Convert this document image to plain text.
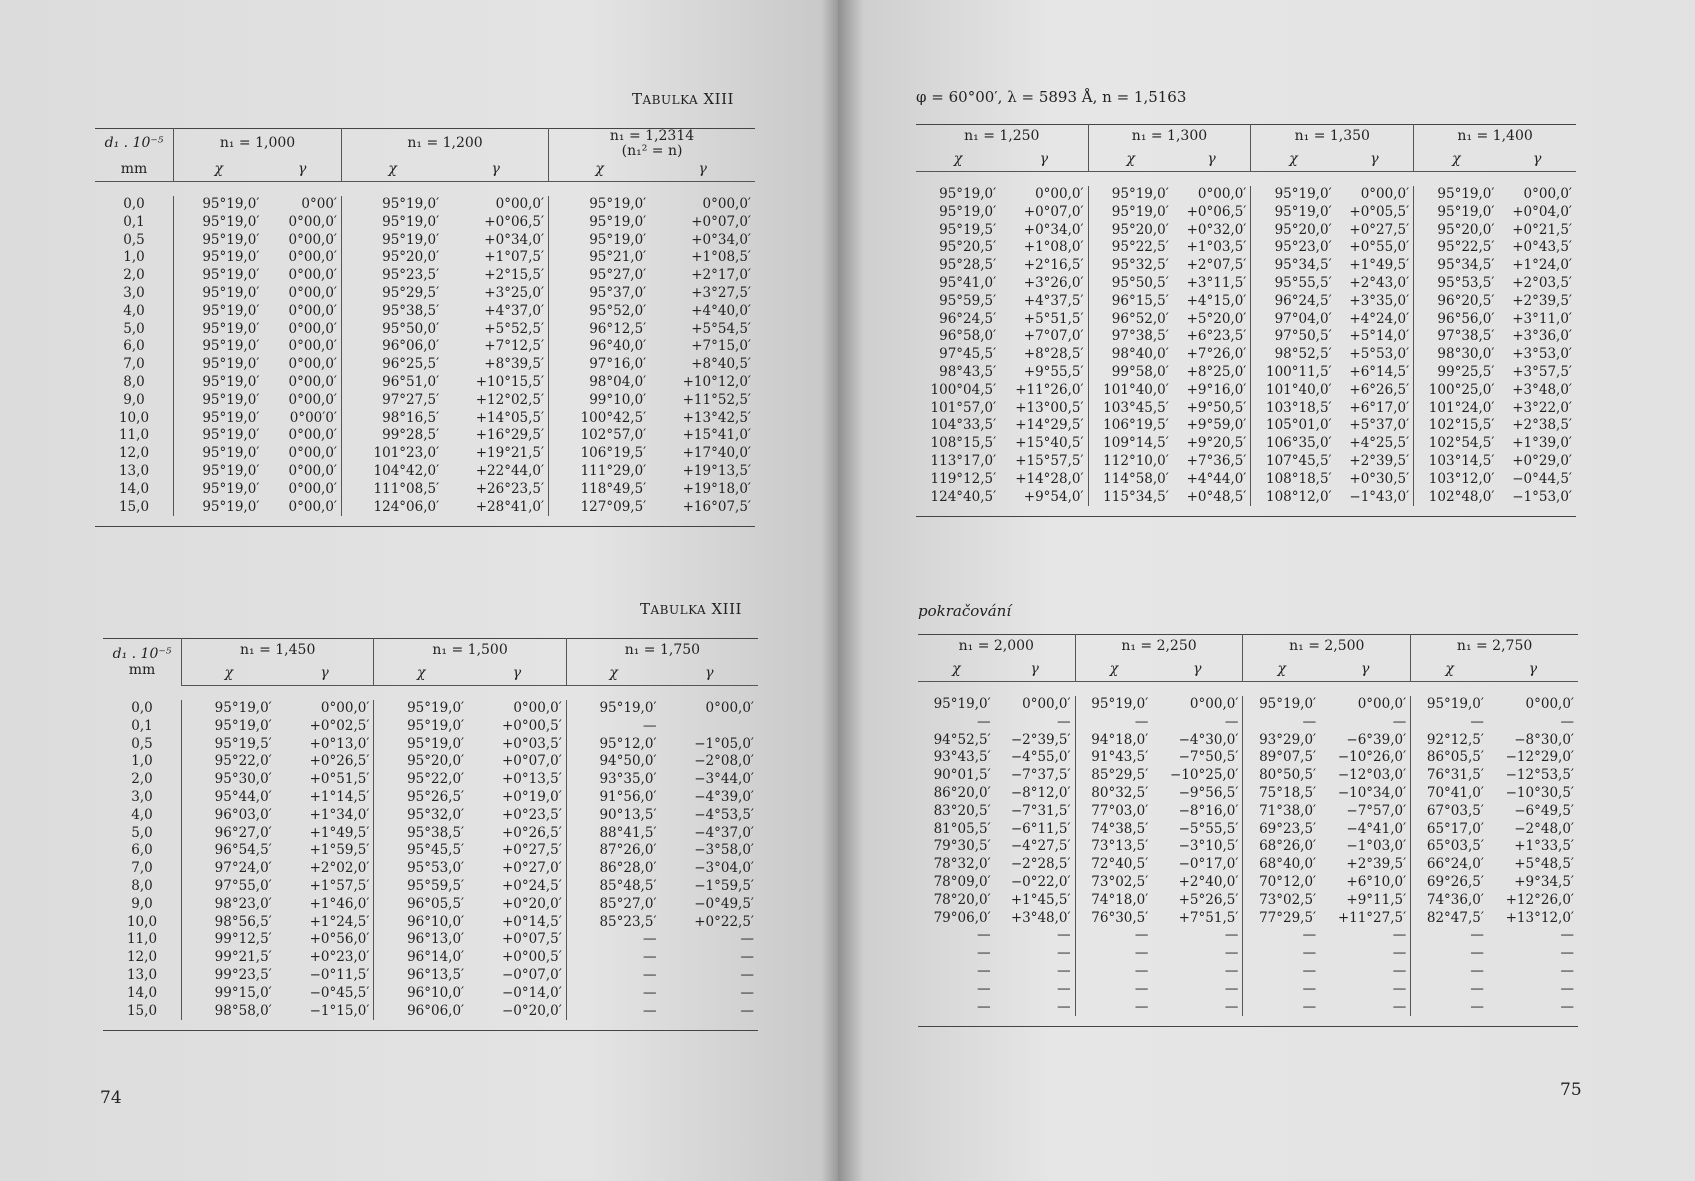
TABULKA XIII
d₁ . 10⁻⁵	n₁ = 1,000		n₁ = 1,200		n₁ = 1,2314
(n₁² = n)	
mm	χ	γ	χ	γ	χ	γ

0,0	95°19,0′	0°00′	95°19,0′	0°00,0′	95°19,0′	0°00,0′
0,1	95°19,0′	0°00,0′	95°19,0′	+0°06,5′	95°19,0′	+0°07,0′
0,5	95°19,0′	0°00,0′	95°19,0′	+0°34,0′	95°19,0′	+0°34,0′
1,0	95°19,0′	0°00,0′	95°20,0′	+1°07,5′	95°21,0′	+1°08,5′
2,0	95°19,0′	0°00,0′	95°23,5′	+2°15,5′	95°27,0′	+2°17,0′
3,0	95°19,0′	0°00,0′	95°29,5′	+3°25,0′	95°37,0′	+3°27,5′
4,0	95°19,0′	0°00,0′	95°38,5′	+4°37,0′	95°52,0′	+4°40,0′
5,0	95°19,0′	0°00,0′	95°50,0′	+5°52,5′	96°12,5′	+5°54,5′
6,0	95°19,0′	0°00,0′	96°06,0′	+7°12,5′	96°40,0′	+7°15,0′
7,0	95°19,0′	0°00,0′	96°25,5′	+8°39,5′	97°16,0′	+8°40,5′
8,0	95°19,0′	0°00,0′	96°51,0′	+10°15,5′	98°04,0′	+10°12,0′
9,0	95°19,0′	0°00,0′	97°27,5′	+12°02,5′	99°10,0′	+11°52,5′
10,0	95°19,0′	0°00′0′	98°16,5′	+14°05,5′	100°42,5′	+13°42,5′
11,0	95°19,0′	0°00,0′	99°28,5′	+16°29,5′	102°57,0′	+15°41,0′
12,0	95°19,0′	0°00,0′	101°23,0′	+19°21,5′	106°19,5′	+17°40,0′
13,0	95°19,0′	0°00,0′	104°42,0′	+22°44,0′	111°29,0′	+19°13,5′
14,0	95°19,0′	0°00,0′	111°08,5′	+26°23,5′	118°49,5′	+19°18,0′
15,0	95°19,0′	0°00,0′	124°06,0′	+28°41,0′	127°09,5′	+16°07,5′

TABULKA XIII
d₁ . 10⁻⁵
mm	n₁ = 1,450		n₁ = 1,500		n₁ = 1,750	
	χ	γ	χ	γ	χ	γ

0,0	95°19,0′	0°00,0′	95°19,0′	0°00,0′	95°19,0′	0°00,0′
0,1	95°19,0′	+0°02,5′	95°19,0′	+0°00,5′	—	
0,5	95°19,5′	+0°13,0′	95°19,0′	+0°03,5′	95°12,0′	−1°05,0′
1,0	95°22,0′	+0°26,5′	95°20,0′	+0°07,0′	94°50,0′	−2°08,0′
2,0	95°30,0′	+0°51,5′	95°22,0′	+0°13,5′	93°35,0′	−3°44,0′
3,0	95°44,0′	+1°14,5′	95°26,5′	+0°19,0′	91°56,0′	−4°39,0′
4,0	96°03,0′	+1°34,0′	95°32,0′	+0°23,5′	90°13,5′	−4°53,5′
5,0	96°27,0′	+1°49,5′	95°38,5′	+0°26,5′	88°41,5′	−4°37,0′
6,0	96°54,5′	+1°59,5′	95°45,5′	+0°27,5′	87°26,0′	−3°58,0′
7,0	97°24,0′	+2°02,0′	95°53,0′	+0°27,0′	86°28,0′	−3°04,0′
8,0	97°55,0′	+1°57,5′	95°59,5′	+0°24,5′	85°48,5′	−1°59,5′
9,0	98°23,0′	+1°46,0′	96°05,5′	+0°20,0′	85°27,0′	−0°49,5′
10,0	98°56,5′	+1°24,5′	96°10,0′	+0°14,5′	85°23,5′	+0°22,5′
11,0	99°12,5′	+0°56,0′	96°13,0′	+0°07,5′	—	—
12,0	99°21,5′	+0°23,0′	96°14,0′	+0°00,5′	—	—
13,0	99°23,5′	−0°11,5′	96°13,5′	−0°07,0′	—	—
14,0	99°15,0′	−0°45,5′	96°10,0′	−0°14,0′	—	—
15,0	98°58,0′	−1°15,0′	96°06,0′	−0°20,0′	—	—

74
φ = 60°00′, λ = 5893 Å, n = 1,5163
n₁ = 1,250		n₁ = 1,300		n₁ = 1,350		n₁ = 1,400	
χ	γ	χ	γ	χ	γ	χ	γ

95°19,0′	0°00,0′	95°19,0′	0°00,0′	95°19,0′	0°00,0′	95°19,0′	0°00,0′
95°19,0′	+0°07,0′	95°19,0′	+0°06,5′	95°19,0′	+0°05,5′	95°19,0′	+0°04,0′
95°19,5′	+0°34,0′	95°20,0′	+0°32,0′	95°20,0′	+0°27,5′	95°20,0′	+0°21,5′
95°20,5′	+1°08,0′	95°22,5′	+1°03,5′	95°23,0′	+0°55,0′	95°22,5′	+0°43,5′
95°28,5′	+2°16,5′	95°32,5′	+2°07,5′	95°34,5′	+1°49,5′	95°34,5′	+1°24,0′
95°41,0′	+3°26,0′	95°50,5′	+3°11,5′	95°55,5′	+2°43,0′	95°53,5′	+2°03,5′
95°59,5′	+4°37,5′	96°15,5′	+4°15,0′	96°24,5′	+3°35,0′	96°20,5′	+2°39,5′
96°24,5′	+5°51,5′	96°52,0′	+5°20,0′	97°04,0′	+4°24,0′	96°56,0′	+3°11,0′
96°58,0′	+7°07,0′	97°38,5′	+6°23,5′	97°50,5′	+5°14,0′	97°38,5′	+3°36,0′
97°45,5′	+8°28,5′	98°40,0′	+7°26,0′	98°52,5′	+5°53,0′	98°30,0′	+3°53,0′
98°43,5′	+9°55,5′	99°58,0′	+8°25,0′	100°11,5′	+6°14,5′	99°25,5′	+3°57,5′
100°04,5′	+11°26,0′	101°40,0′	+9°16,0′	101°40,0′	+6°26,5′	100°25,0′	+3°48,0′
101°57,0′	+13°00,5′	103°45,5′	+9°50,5′	103°18,5′	+6°17,0′	101°24,0′	+3°22,0′
104°33,5′	+14°29,5′	106°19,5′	+9°59,0′	105°01,0′	+5°37,0′	102°15,5′	+2°38,5′
108°15,5′	+15°40,5′	109°14,5′	+9°20,5′	106°35,0′	+4°25,5′	102°54,5′	+1°39,0′
113°17,0′	+15°57,5′	112°10,0′	+7°36,5′	107°45,5′	+2°39,5′	103°14,5′	+0°29,0′
119°12,5′	+14°28,0′	114°58,0′	+4°44,0′	108°18,5′	+0°30,5′	103°12,0′	−0°44,5′
124°40,5′	+9°54,0′	115°34,5′	+0°48,5′	108°12,0′	−1°43,0′	102°48,0′	−1°53,0′

pokračování
n₁ = 2,000		n₁ = 2,250		n₁ = 2,500		n₁ = 2,750	
χ	γ	χ	γ	χ	γ	χ	γ

95°19,0′	0°00,0′	95°19,0′	0°00,0′	95°19,0′	0°00,0′	95°19,0′	0°00,0′
—	—	—	—	—	—	—	—
94°52,5′	−2°39,5′	94°18,0′	−4°30,0′	93°29,0′	−6°39,0′	92°12,5′	−8°30,0′
93°43,5′	−4°55,0′	91°43,5′	−7°50,5′	89°07,5′	−10°26,0′	86°05,5′	−12°29,0′
90°01,5′	−7°37,5′	85°29,5′	−10°25,0′	80°50,5′	−12°03,0′	76°31,5′	−12°53,5′
86°20,0′	−8°12,0′	80°32,5′	−9°56,5′	75°18,5′	−10°34,0′	70°41,0′	−10°30,5′
83°20,5′	−7°31,5′	77°03,0′	−8°16,0′	71°38,0′	−7°57,0′	67°03,5′	−6°49,5′
81°05,5′	−6°11,5′	74°38,5′	−5°55,5′	69°23,5′	−4°41,0′	65°17,0′	−2°48,0′
79°30,5′	−4°27,5′	73°13,5′	−3°10,5′	68°26,0′	−1°03,0′	65°03,5′	+1°33,5′
78°32,0′	−2°28,5′	72°40,5′	−0°17,0′	68°40,0′	+2°39,5′	66°24,0′	+5°48,5′
78°09,0′	−0°22,0′	73°02,5′	+2°40,0′	70°12,0′	+6°10,0′	69°26,5′	+9°34,5′
78°20,0′	+1°45,5′	74°18,0′	+5°26,5′	73°02,5′	+9°11,5′	74°36,0′	+12°26,0′
79°06,0′	+3°48,0′	76°30,5′	+7°51,5′	77°29,5′	+11°27,5′	82°47,5′	+13°12,0′
—	—	—	—	—	—	—	—
—	—	—	—	—	—	—	—
—	—	—	—	—	—	—	—
—	—	—	—	—	—	—	—
—	—	—	—	—	—	—	—

75
